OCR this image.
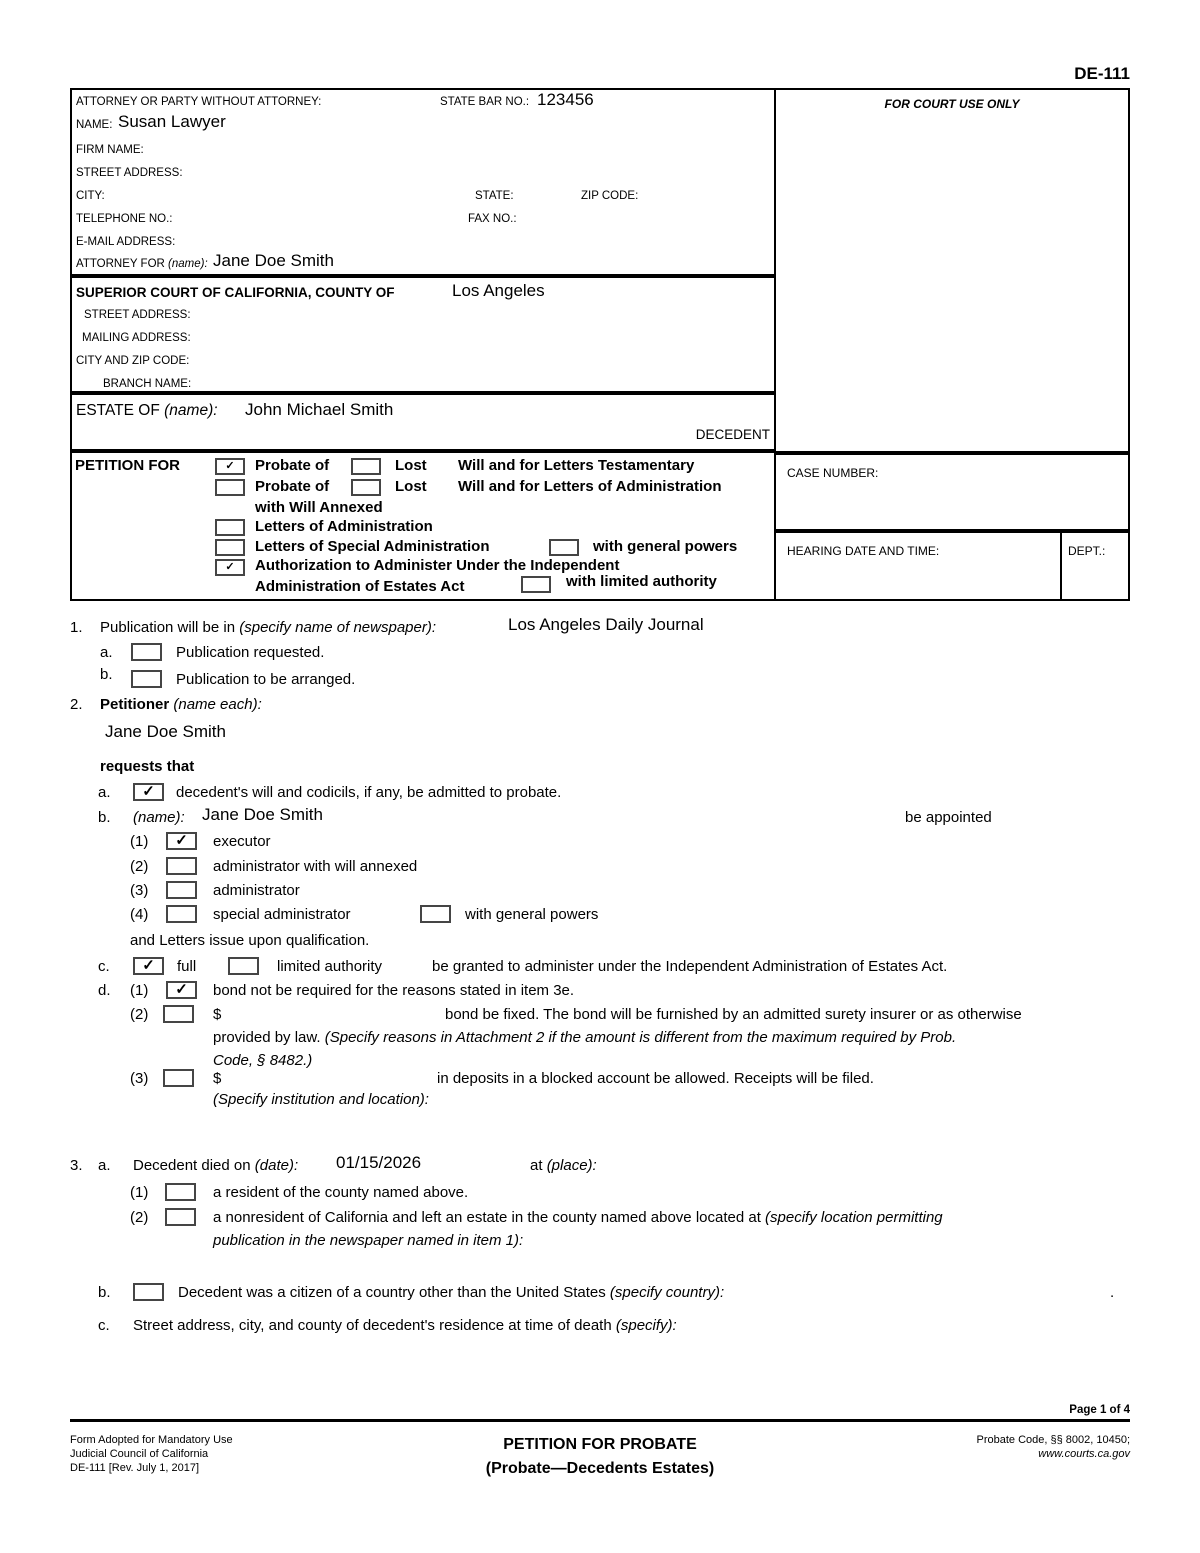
DE-111
ATTORNEY OR PARTY WITHOUT ATTORNEY:	STATE BAR NO.: 123456
NAME: Susan Lawyer
FIRM NAME:
STREET ADDRESS:
CITY:	STATE:	ZIP CODE:
TELEPHONE NO.:	FAX NO.:
E-MAIL ADDRESS:
ATTORNEY FOR (name): Jane Doe Smith
SUPERIOR COURT OF CALIFORNIA, COUNTY OF	Los Angeles
STREET ADDRESS:
MAILING ADDRESS:
CITY AND ZIP CODE:
BRANCH NAME:
ESTATE OF (name): John Michael Smith
DECEDENT
FOR COURT USE ONLY
CASE NUMBER:
HEARING DATE AND TIME:	DEPT.:
PETITION FOR	✓	Probate of	Lost Will and for Letters Testamentary
Probate of	Lost Will and for Letters of Administration
with Will Annexed
Letters of Administration
Letters of Special Administration	with general powers
✓	Authorization to Administer Under the Independent
Administration of Estates Act	with limited authority
1. Publication will be in (specify name of newspaper):	Los Angeles Daily Journal
a.	Publication requested.
b.	Publication to be arranged.
2. Petitioner (name each):
Jane Doe Smith
requests that
a.	✓	decedent's will and codicils, if any, be admitted to probate.
b. (name): Jane Doe Smith	be appointed
(1)	✓	executor
(2)	administrator with will annexed
(3)	administrator
(4)	special administrator	with general powers
and Letters issue upon qualification.
c.	✓	full	limited authority	be granted to administer under the Independent Administration of Estates Act.
d. (1)	✓	bond not be required for the reasons stated in item 3e.
(2)	$	bond be fixed. The bond will be furnished by an admitted surety insurer or as otherwise
provided by law. (Specify reasons in Attachment 2 if the amount is different from the maximum required by Prob.
Code, § 8482.)
(3)	$	in deposits in a blocked account be allowed. Receipts will be filed.
(Specify institution and location):
3. a. Decedent died on (date): 01/15/2026	at (place):
(1)	a resident of the county named above.
(2)	a nonresident of California and left an estate in the county named above located at (specify location permitting
publication in the newspaper named in item 1):
b.	Decedent was a citizen of a country other than the United States (specify country):	.
c. Street address, city, and county of decedent's residence at time of death (specify):
Page 1 of 4
Form Adopted for Mandatory Use
Judicial Council of California
DE-111 [Rev. July 1, 2017]
PETITION FOR PROBATE
(Probate—Decedents Estates)
Probate Code, §§ 8002, 10450;
www.courts.ca.gov
